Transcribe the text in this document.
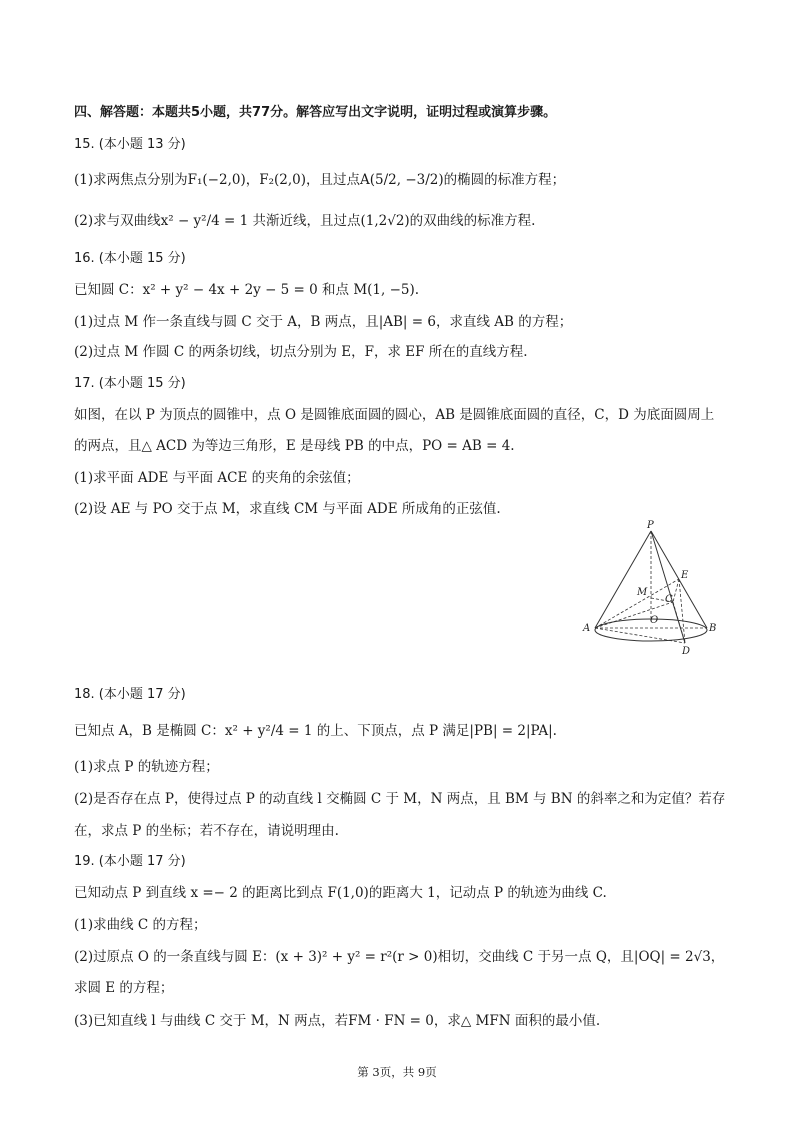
四、解答题：本题共5小题，共77分。解答应写出文字说明，证明过程或演算步骤。
15. (本小题 13 分)
(1)求两焦点分别为F₁(−2,0)，F₂(2,0)，且过点A(5/2, −3/2)的椭圆的标准方程；
(2)求与双曲线x² − y²/4 = 1 共渐近线，且过点(1,2√2)的双曲线的标准方程.
16. (本小题 15 分)
已知圆 C：x² + y² − 4x + 2y − 5 = 0 和点 M(1, −5).
(1)过点 M 作一条直线与圆 C 交于 A，B 两点，且|AB| = 6，求直线 AB 的方程；
(2)过点 M 作圆 C 的两条切线，切点分别为 E，F，求 EF 所在的直线方程.
17. (本小题 15 分)
如图，在以 P 为顶点的圆锥中，点 O 是圆锥底面圆的圆心，AB 是圆锥底面圆的直径，C，D 为底面圆周上
的两点，且△ ACD 为等边三角形，E 是母线 PB 的中点，PO = AB = 4.
(1)求平面 ADE 与平面 ACE 的夹角的余弦值；
(2)设 AE 与 PO 交于点 M，求直线 CM 与平面 ADE 所成角的正弦值.
P
E
M
C
O
A	B
D
18. (本小题 17 分)
已知点 A，B 是椭圆 C：x² + y²/4 = 1 的上、下顶点，点 P 满足|PB| = 2|PA|.
(1)求点 P 的轨迹方程；
(2)是否存在点 P，使得过点 P 的动直线 l 交椭圆 C 于 M，N 两点，且 BM 与 BN 的斜率之和为定值？若存
在，求点 P 的坐标；若不存在，请说明理由.
19. (本小题 17 分)
已知动点 P 到直线 x =− 2 的距离比到点 F(1,0)的距离大 1，记动点 P 的轨迹为曲线 C.
(1)求曲线 C 的方程；
(2)过原点 O 的一条直线与圆 E：(x + 3)² + y² = r²(r > 0)相切，交曲线 C 于另一点 Q，且|OQ| = 2√3，
求圆 E 的方程；
(3)已知直线 l 与曲线 C 交于 M，N 两点，若FM · FN = 0，求△ MFN 面积的最小值.
第 3页，共 9页
